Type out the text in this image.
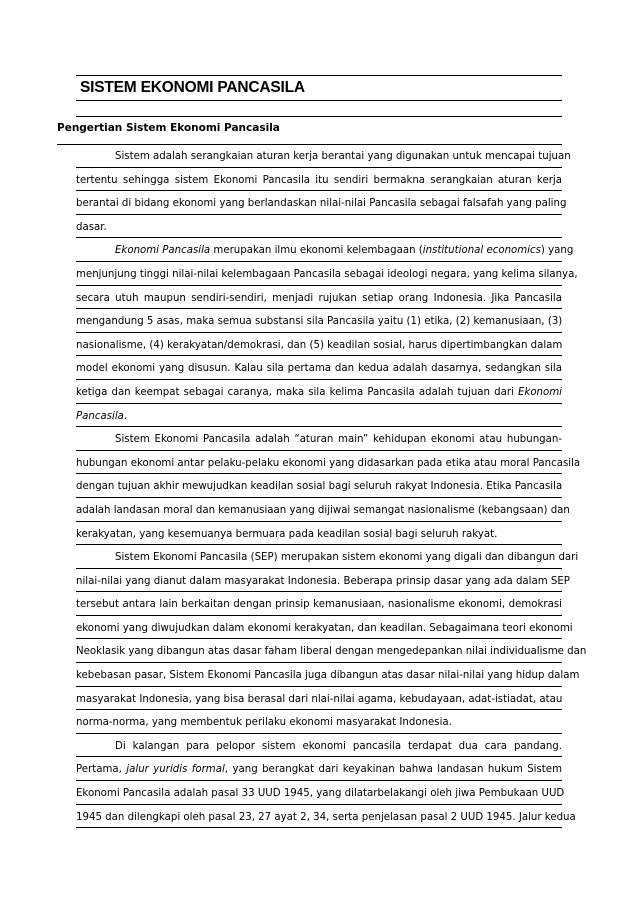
SISTEM EKONOMI PANCASILA
Pengertian Sistem Ekonomi Pancasila
Sistem adalah serangkaian aturan kerja berantai yang digunakan untuk mencapai tujuan
tertentu sehingga sistem Ekonomi Pancasila itu sendiri bermakna serangkaian aturan kerja
berantai di bidang ekonomi yang berlandaskan nilai-nilai Pancasila sebagai falsafah yang paling
dasar.
Ekonomi Pancasila merupakan ilmu ekonomi kelembagaan (institutional economics) yang
menjunjung tinggi nilai-nilai kelembagaan Pancasila sebagai ideologi negara, yang kelima silanya,
secara utuh maupun sendiri-sendiri, menjadi rujukan setiap orang Indonesia. Jika Pancasila
mengandung 5 asas, maka semua substansi sila Pancasila yaitu (1) etika, (2) kemanusiaan, (3)
nasionalisme, (4) kerakyatan/demokrasi, dan (5) keadilan sosial, harus dipertimbangkan dalam
model ekonomi yang disusun. Kalau sila pertama dan kedua adalah dasarnya, sedangkan sila
ketiga dan keempat sebagai caranya, maka sila kelima Pancasila adalah tujuan dari Ekonomi
Pancasila.
Sistem Ekonomi Pancasila adalah “aturan main” kehidupan ekonomi atau hubungan-
hubungan ekonomi antar pelaku-pelaku ekonomi yang didasarkan pada etika atau moral Pancasila
dengan tujuan akhir mewujudkan keadilan sosial bagi seluruh rakyat Indonesia. Etika Pancasila
adalah landasan moral dan kemanusiaan yang dijiwai semangat nasionalisme (kebangsaan) dan
kerakyatan, yang kesemuanya bermuara pada keadilan sosial bagi seluruh rakyat.
Sistem Ekonomi Pancasila (SEP) merupakan sistem ekonomi yang digali dan dibangun dari
nilai-nilai yang dianut dalam masyarakat Indonesia. Beberapa prinsip dasar yang ada dalam SEP
tersebut antara lain berkaitan dengan prinsip kemanusiaan, nasionalisme ekonomi, demokrasi
ekonomi yang diwujudkan dalam ekonomi kerakyatan, dan keadilan. Sebagaimana teori ekonomi
Neoklasik yang dibangun atas dasar faham liberal dengan mengedepankan nilai individualisme dan
kebebasan pasar, Sistem Ekonomi Pancasila juga dibangun atas dasar nilai-nilai yang hidup dalam
masyarakat Indonesia, yang bisa berasal dari nlai-nilai agama, kebudayaan, adat-istiadat, atau
norma-norma, yang membentuk perilaku ekonomi masyarakat Indonesia.
Di kalangan para pelopor sistem ekonomi pancasila terdapat dua cara pandang.
Pertama, jalur yuridis formal, yang berangkat dari keyakinan bahwa landasan hukum Sistem
Ekonomi Pancasila adalah pasal 33 UUD 1945, yang dilatarbelakangi oleh jiwa Pembukaan UUD
1945 dan dilengkapi oleh pasal 23, 27 ayat 2, 34, serta penjelasan pasal 2 UUD 1945. Jalur kedua
